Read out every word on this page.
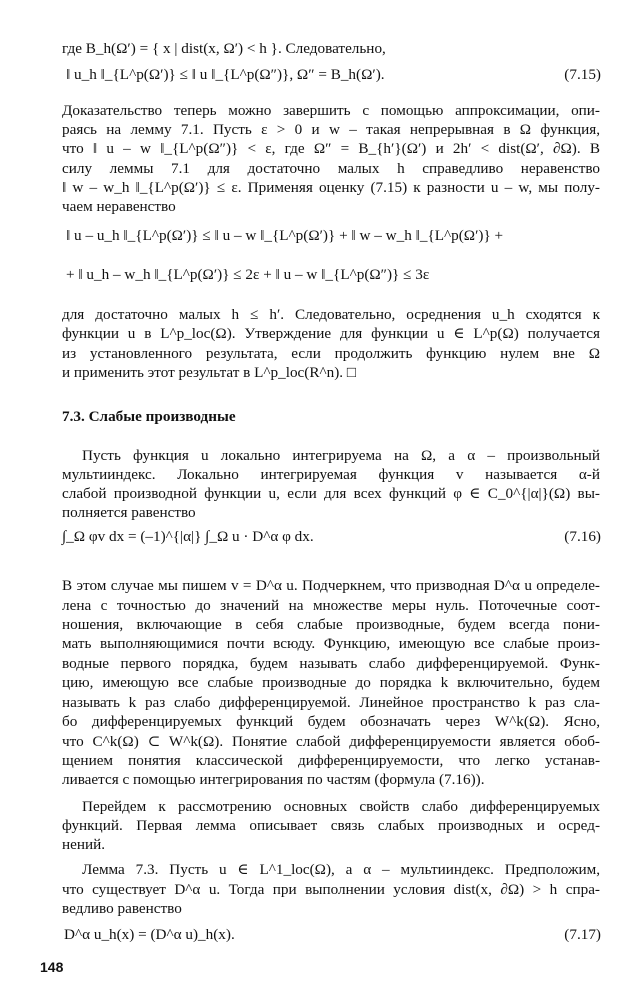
где B_h(Ω′) = { x | dist(x, Ω′) < h }. Следовательно,
‖ u_h ‖_{L^p(Ω′)} ≤ ‖ u ‖_{L^p(Ω″)}, Ω″ = B_h(Ω′).	(7.15)
Доказательство теперь можно завершить с помощью аппроксимации, опи-
раясь на лемму 7.1. Пусть ε > 0 и w – такая непрерывная в Ω функция,
что ‖ u – w ‖_{L^p(Ω″)} < ε, где Ω″ = B_{h′}(Ω′) и 2h′ < dist(Ω′, ∂Ω). В
силу леммы 7.1 для достаточно малых h справедливо неравенство
‖ w – w_h ‖_{L^p(Ω′)} ≤ ε. Применяя оценку (7.15) к разности u – w, мы полу-
чаем неравенство
‖ u – u_h ‖_{L^p(Ω′)} ≤ ‖ u – w ‖_{L^p(Ω′)} + ‖ w – w_h ‖_{L^p(Ω′)} +
+ ‖ u_h – w_h ‖_{L^p(Ω′)} ≤ 2ε + ‖ u – w ‖_{L^p(Ω″)} ≤ 3ε
для достаточно малых h ≤ h′. Следовательно, осреднения u_h сходятся к
функции u в L^p_loc(Ω). Утверждение для функции u ∈ L^p(Ω) получается
из установленного результата, если продолжить функцию нулем вне Ω
и применить этот результат в L^p_loc(R^n). □
7.3. Слабые производные
Пусть функция u локально интегрируема на Ω, а α – произвольный
мультииндекс. Локально интегрируемая функция v называется α-й
слабой производной функции u, если для всех функций φ ∈ C_0^{|α|}(Ω) вы-
полняется равенство
∫_Ω φv dx = (–1)^{|α|} ∫_Ω u · D^α φ dx.	(7.16)
В этом случае мы пишем v = D^α u. Подчеркнем, что призводная D^α u определе-
лена с точностью до значений на множестве меры нуль. Поточечные соот-
ношения, включающие в себя слабые производные, будем всегда пони-
мать выполняющимися почти всюду. Функцию, имеющую все слабые произ-
водные первого порядка, будем называть слабо дифференцируемой. Функ-
цию, имеющую все слабые производные до порядка k включительно, будем
называть k раз слабо дифференцируемой. Линейное пространство k раз сла-
бо дифференцируемых функций будем обозначать через W^k(Ω). Ясно,
что C^k(Ω) ⊂ W^k(Ω). Понятие слабой дифференцируемости является обоб-
щением понятия классической дифференцируемости, что легко устанав-
ливается с помощью интегрирования по частям (формула (7.16)).
Перейдем к рассмотрению основных свойств слабо дифференцируемых
функций. Первая лемма описывает связь слабых производных и осред-
нений.
Лемма 7.3. Пусть u ∈ L^1_loc(Ω), а α – мультииндекс. Предположим,
что существует D^α u. Тогда при выполнении условия dist(x, ∂Ω) > h спра-
ведливо равенство
D^α u_h(x) = (D^α u)_h(x).	(7.17)
148
